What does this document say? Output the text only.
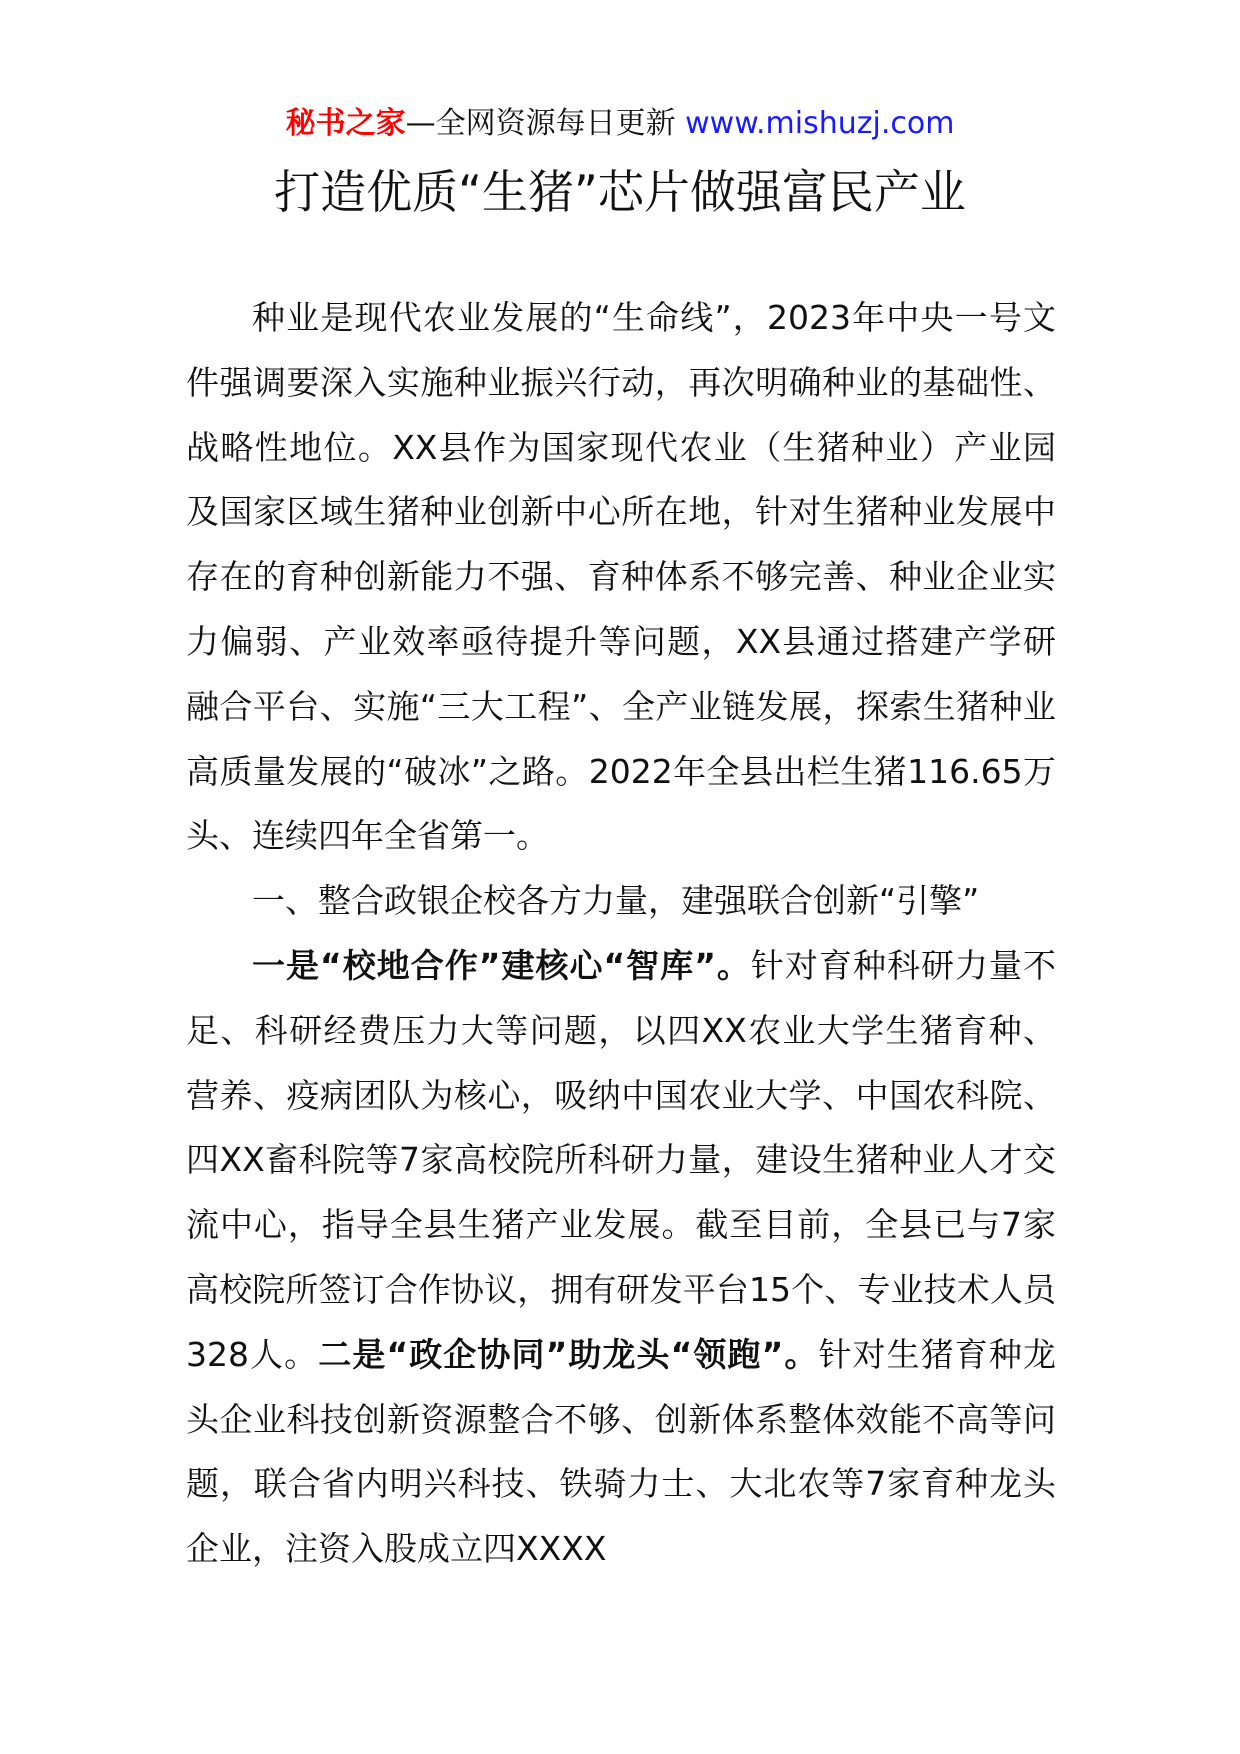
秘书之家—全网资源每日更新 www.mishuzj.com
打造优质“生猪”芯片做强富民产业

种业是现代农业发展的“生命线”，2023年中央一号文件强调要深入实施种业振兴行动，再次明确种业的基础性、战略性地位。XX县作为国家现代农业（生猪种业）产业园及国家区域生猪种业创新中心所在地，针对生猪种业发展中存在的育种创新能力不强、育种体系不够完善、种业企业实力偏弱、产业效率亟待提升等问题，XX县通过搭建产学研融合平台、实施“三大工程”、全产业链发展，探索生猪种业高质量发展的“破冰”之路。2022年全县出栏生猪116.65万头、连续四年全省第一。

一、整合政银企校各方力量，建强联合创新“引擎”

一是“校地合作”建核心“智库”。针对育种科研力量不足、科研经费压力大等问题，以四XX农业大学生猪育种、营养、疫病团队为核心，吸纳中国农业大学、中国农科院、四XX畜科院等7家高校院所科研力量，建设生猪种业人才交流中心，指导全县生猪产业发展。截至目前，全县已与7家高校院所签订合作协议，拥有研发平台15个、专业技术人员328人。二是“政企协同”助龙头“领跑”。针对生猪育种龙头企业科技创新资源整合不够、创新体系整体效能不高等问题，联合省内明兴科技、铁骑力士、大北农等7家育种龙头企业，注资入股成立四XXXX
